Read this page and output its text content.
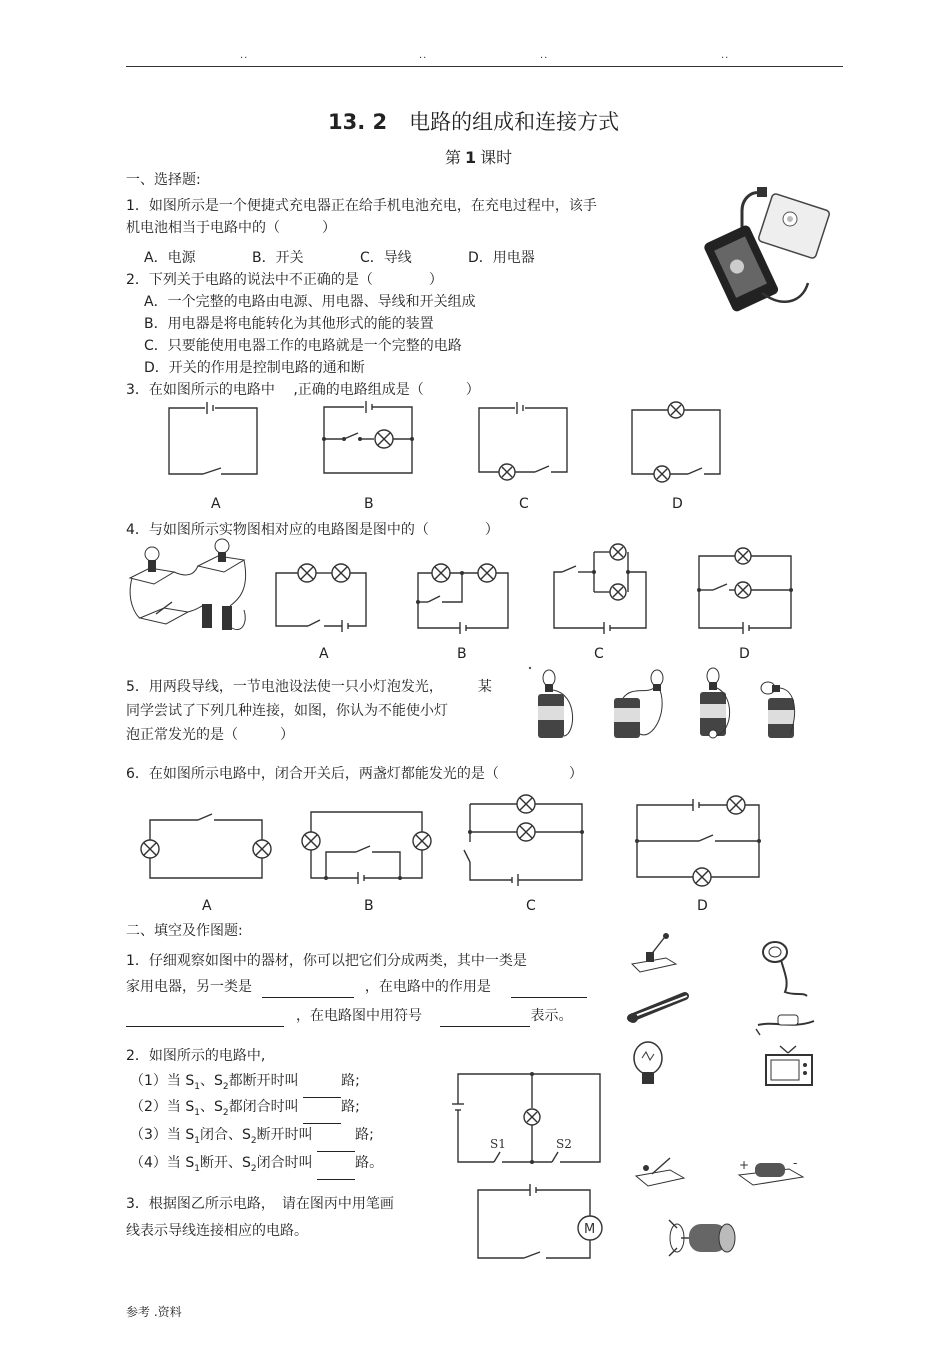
..	..	..	..
13. 2 电路的组成和连接方式
第 1 课时
一、选择题:
1．如图所示是一个便捷式充电器正在给手机电池充电，在充电过程中，该手
机电池相当于电路中的（　　　）
A．电源	B．开关	C．导线	D．用电器
2．下列关于电路的说法中不正确的是（　　　　）
A．一个完整的电路由电源、用电器、导线和开关组成
B．用电器是将电能转化为其他形式的能的装置
C．只要能使用电器工作的电路就是一个完整的电路
D．开关的作用是控制电路的通和断
3．在如图所示的电路中　 ,正确的电路组成是（　　　）
A	B	C	D
4．与如图所示实物图相对应的电路图是图中的（　　　　）
A	B	C	D
5．用两段导线，一节电池设法使一只小灯泡发光，　　　某
同学尝试了下列几种连接，如图，你认为不能使小灯
泡正常发光的是（　　　）
6．在如图所示电路中，闭合开关后，两盏灯都能发光的是（　　　　　）
A	B	C	D
二、填空及作图题:
1．仔细观察如图中的器材，你可以把它们分成两类，其中一类是
家用电器，另一类是	，在电路中的作用是
，在电路图中用符号	表示。
2．如图所示的电路中,
（1）当 $S_1$、$S_2$都断开时叫	路;
（2）当 $S_1$、$S_2$都闭合时叫	路;
（3）当 $S_1$闭合、$S_2$断开时叫	路;
（4）当 $S_1$断开、$S_2$闭合时叫	路。
S1	S2
+	-
3．根据图乙所示电路，　请在图丙中用笔画
线表示导线连接相应的电路。	M
参考 .资料
